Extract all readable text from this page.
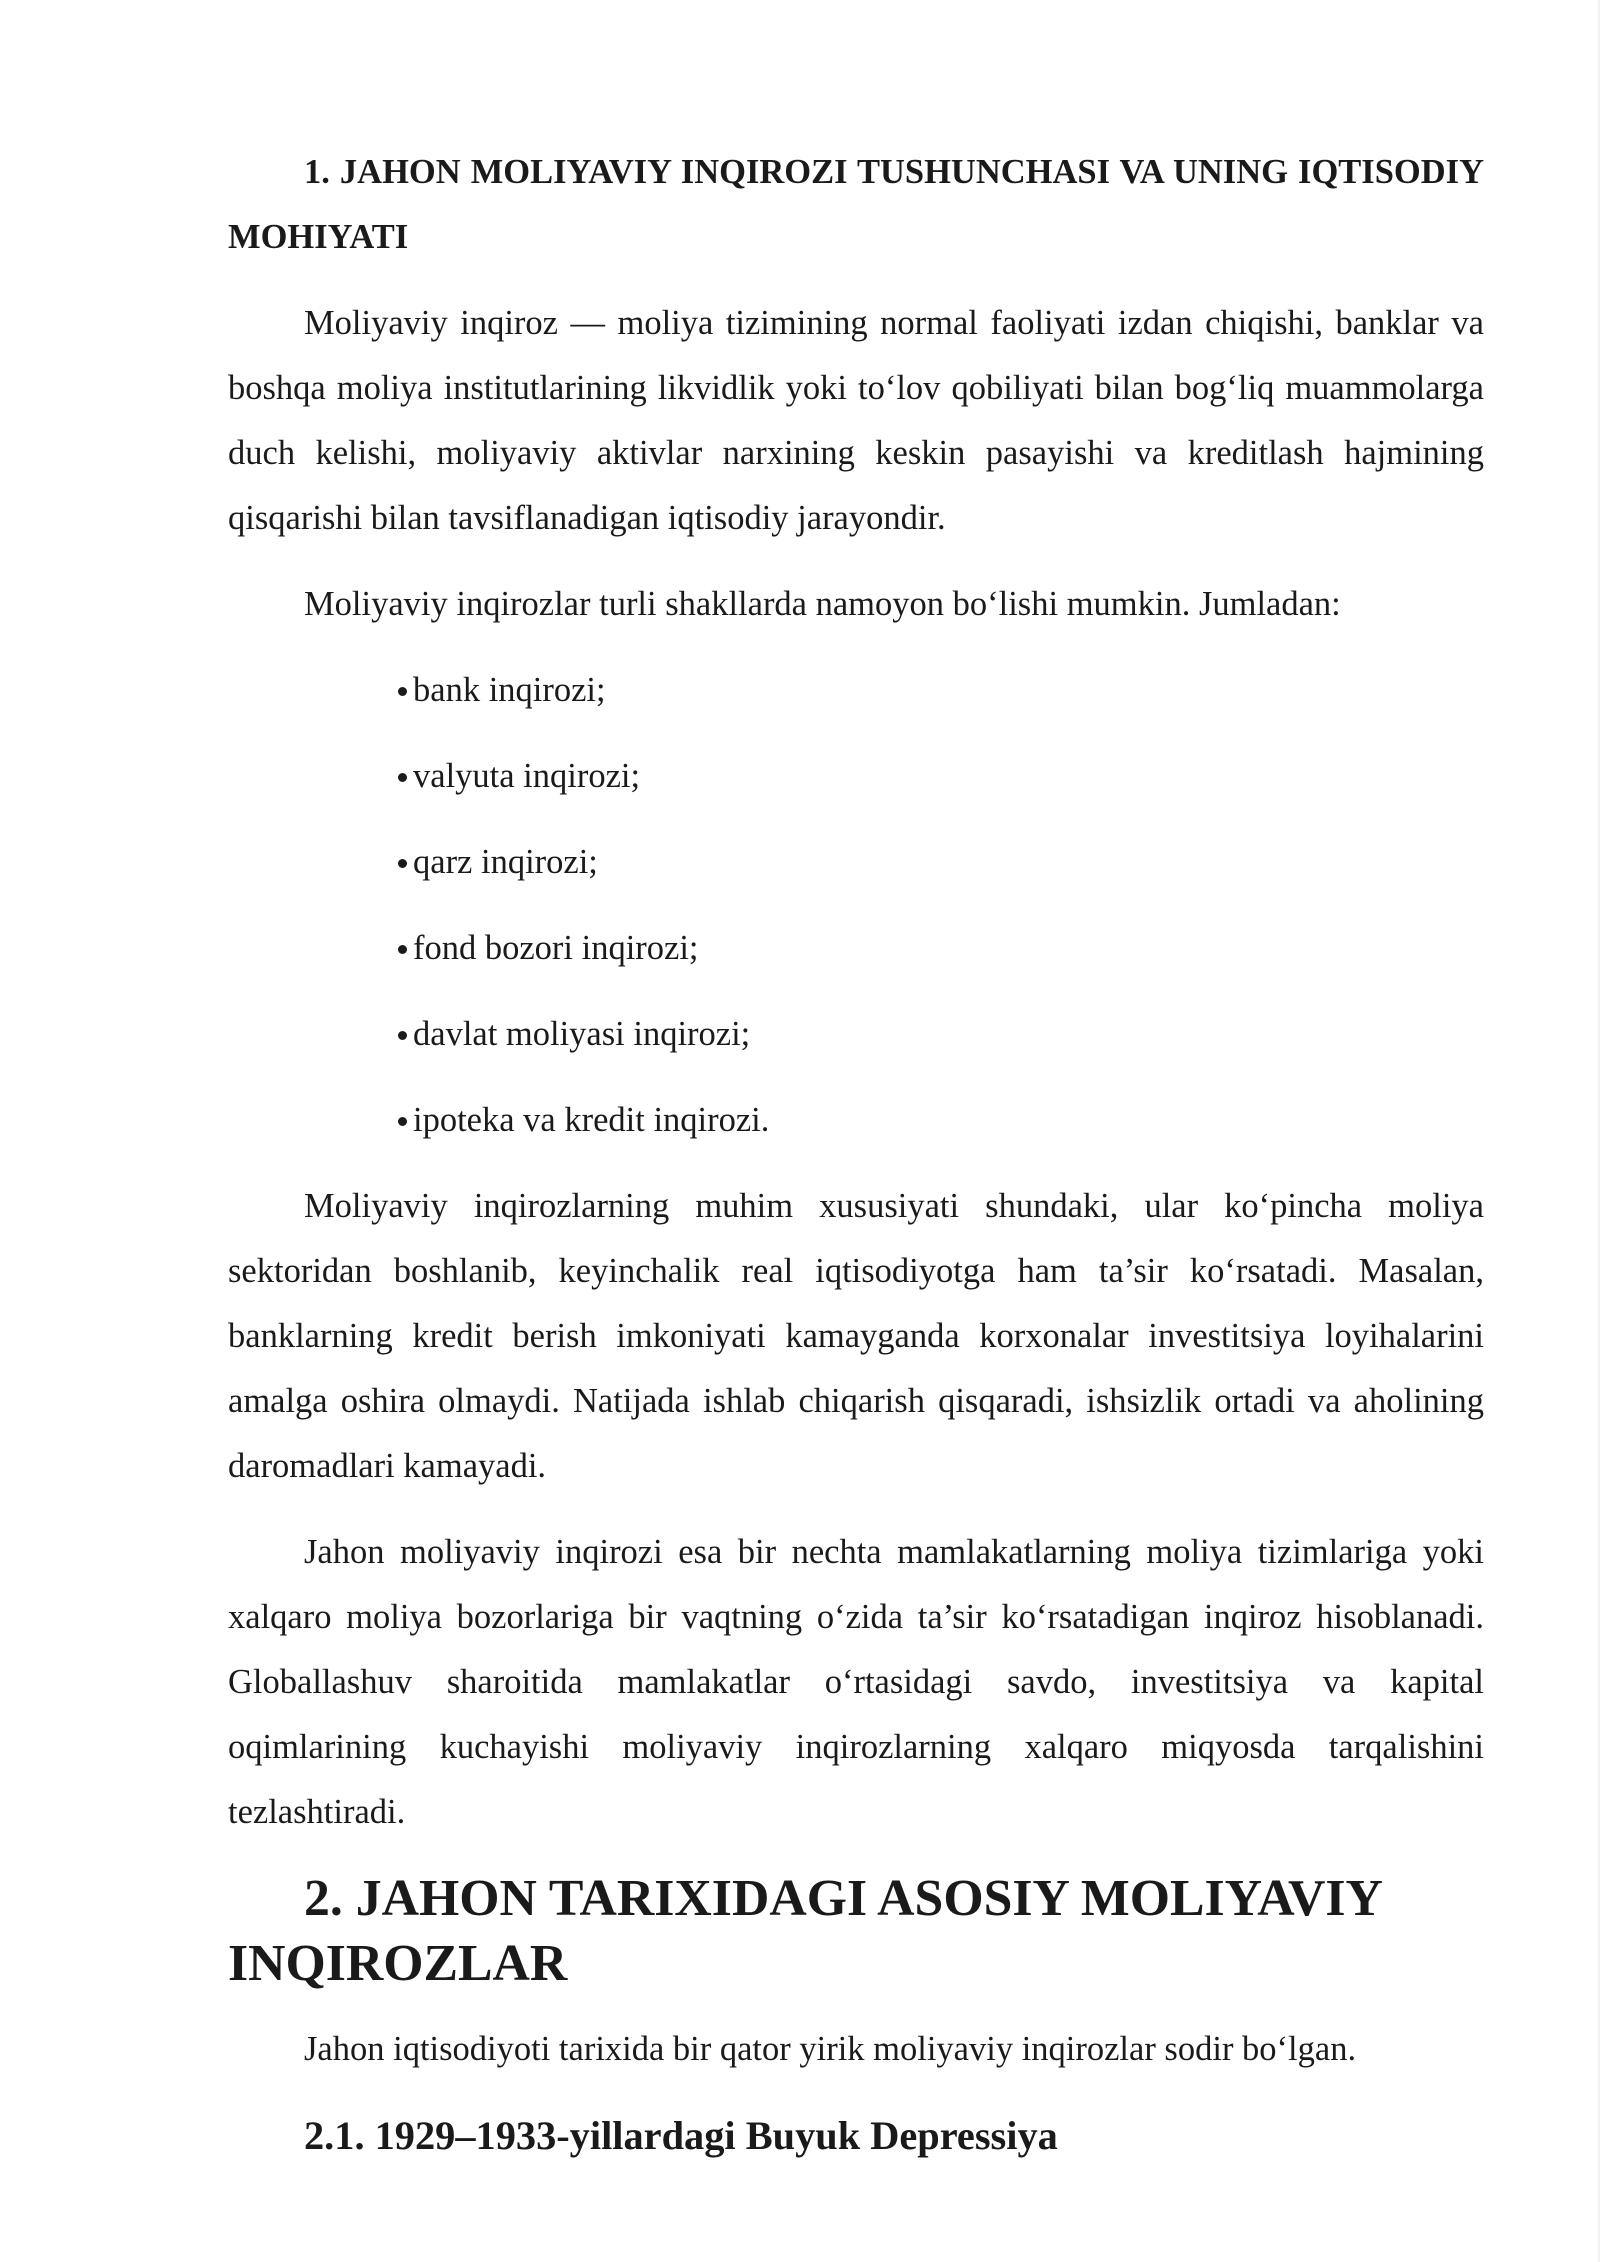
1. JAHON MOLIYAVIY INQIROZI TUSHUNCHASI VA UNING IQTISODIY MOHIYATI

Moliyaviy inqiroz — moliya tizimining normal faoliyati izdan chiqishi, banklar va boshqa moliya institutlarining likvidlik yoki to‘lov qobiliyati bilan bog‘liq muammolarga duch kelishi, moliyaviy aktivlar narxining keskin pasayishi va kreditlash hajmining qisqarishi bilan tavsiflanadigan iqtisodiy jarayondir.

Moliyaviy inqirozlar turli shakllarda namoyon bo‘lishi mumkin. Jumladan:

bank inqirozi;
valyuta inqirozi;
qarz inqirozi;
fond bozori inqirozi;
davlat moliyasi inqirozi;
ipoteka va kredit inqirozi.

Moliyaviy inqirozlarning muhim xususiyati shundaki, ular ko‘pincha moliya sektoridan boshlanib, keyinchalik real iqtisodiyotga ham ta’sir ko‘rsatadi. Masalan, banklarning kredit berish imkoniyati kamayganda korxonalar investitsiya loyihalarini amalga oshira olmaydi. Natijada ishlab chiqarish qisqaradi, ishsizlik ortadi va aholining daromadlari kamayadi.

Jahon moliyaviy inqirozi esa bir nechta mamlakatlarning moliya tizimlariga yoki xalqaro moliya bozorlariga bir vaqtning o‘zida ta’sir ko‘rsatadigan inqiroz hisoblanadi. Globallashuv sharoitida mamlakatlar o‘rtasidagi savdo, investitsiya va kapital oqimlarining kuchayishi moliyaviy inqirozlarning xalqaro miqyosda tarqalishini tezlashtiradi.

2. JAHON TARIXIDAGI ASOSIY MOLIYAVIY INQIROZLAR

Jahon iqtisodiyoti tarixida bir qator yirik moliyaviy inqirozlar sodir bo‘lgan.

2.1. 1929–1933-yillardagi Buyuk Depressiya
